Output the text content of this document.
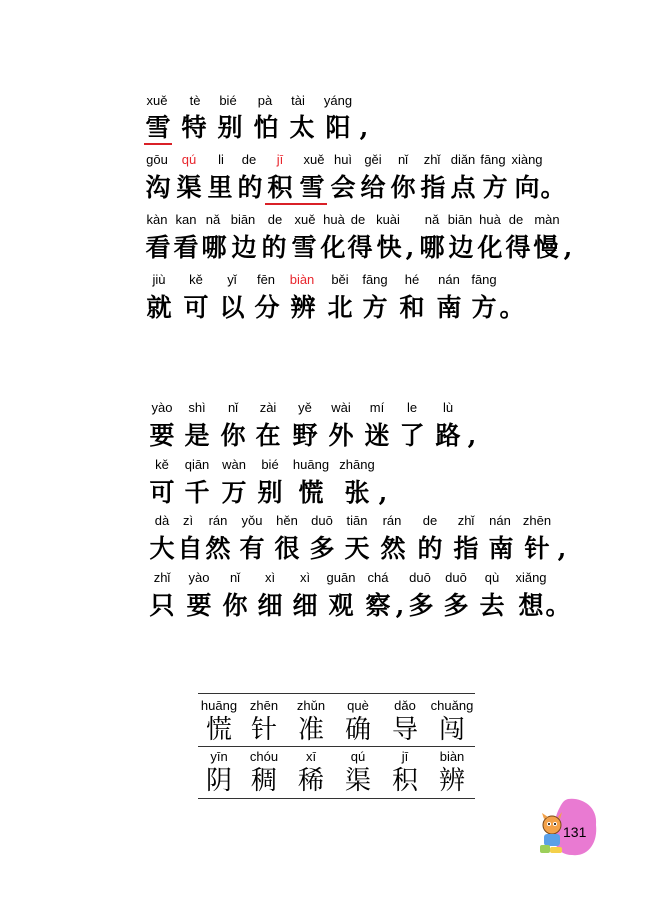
xuě tè bié pà tài yáng
雪 特 别 怕 太 阳 ,
gōu qú li de jī xuě huì gěi nǐ zhǐ diǎn fāng xiàng
沟 渠 里 的 积 雪 会 给 你 指 点 方 向 。
kàn kan nǎ biān de xuě huà de kuài nǎ biān huà de màn
看 看 哪 边 的 雪 化 得 快 , 哪 边 化 得 慢 ,
jiù kě yǐ fēn biàn běi fāng hé nán fāng
就 可 以 分 辨 北 方 和 南 方 。
yào shì nǐ zài yě wài mí le lù
要 是 你 在 野 外 迷 了 路 ,
kě qiān wàn bié huāng zhāng
可 千 万 别 慌 张 ,
dà zì rán yǒu hěn duō tiān rán de zhǐ nán zhēn
大 自 然 有 很 多 天 然 的 指 南 针 ,
zhǐ yào nǐ xì xì guān chá duō duō qù xiǎng
只 要 你 细 细 观 察 , 多 多 去 想 。
huāng zhēn zhǔn què dǎo chuǎng
慌 针 准 确 导 闯
yīn chóu xī	qú	jī biàn
阴 稠 稀 渠 积 辨
131
